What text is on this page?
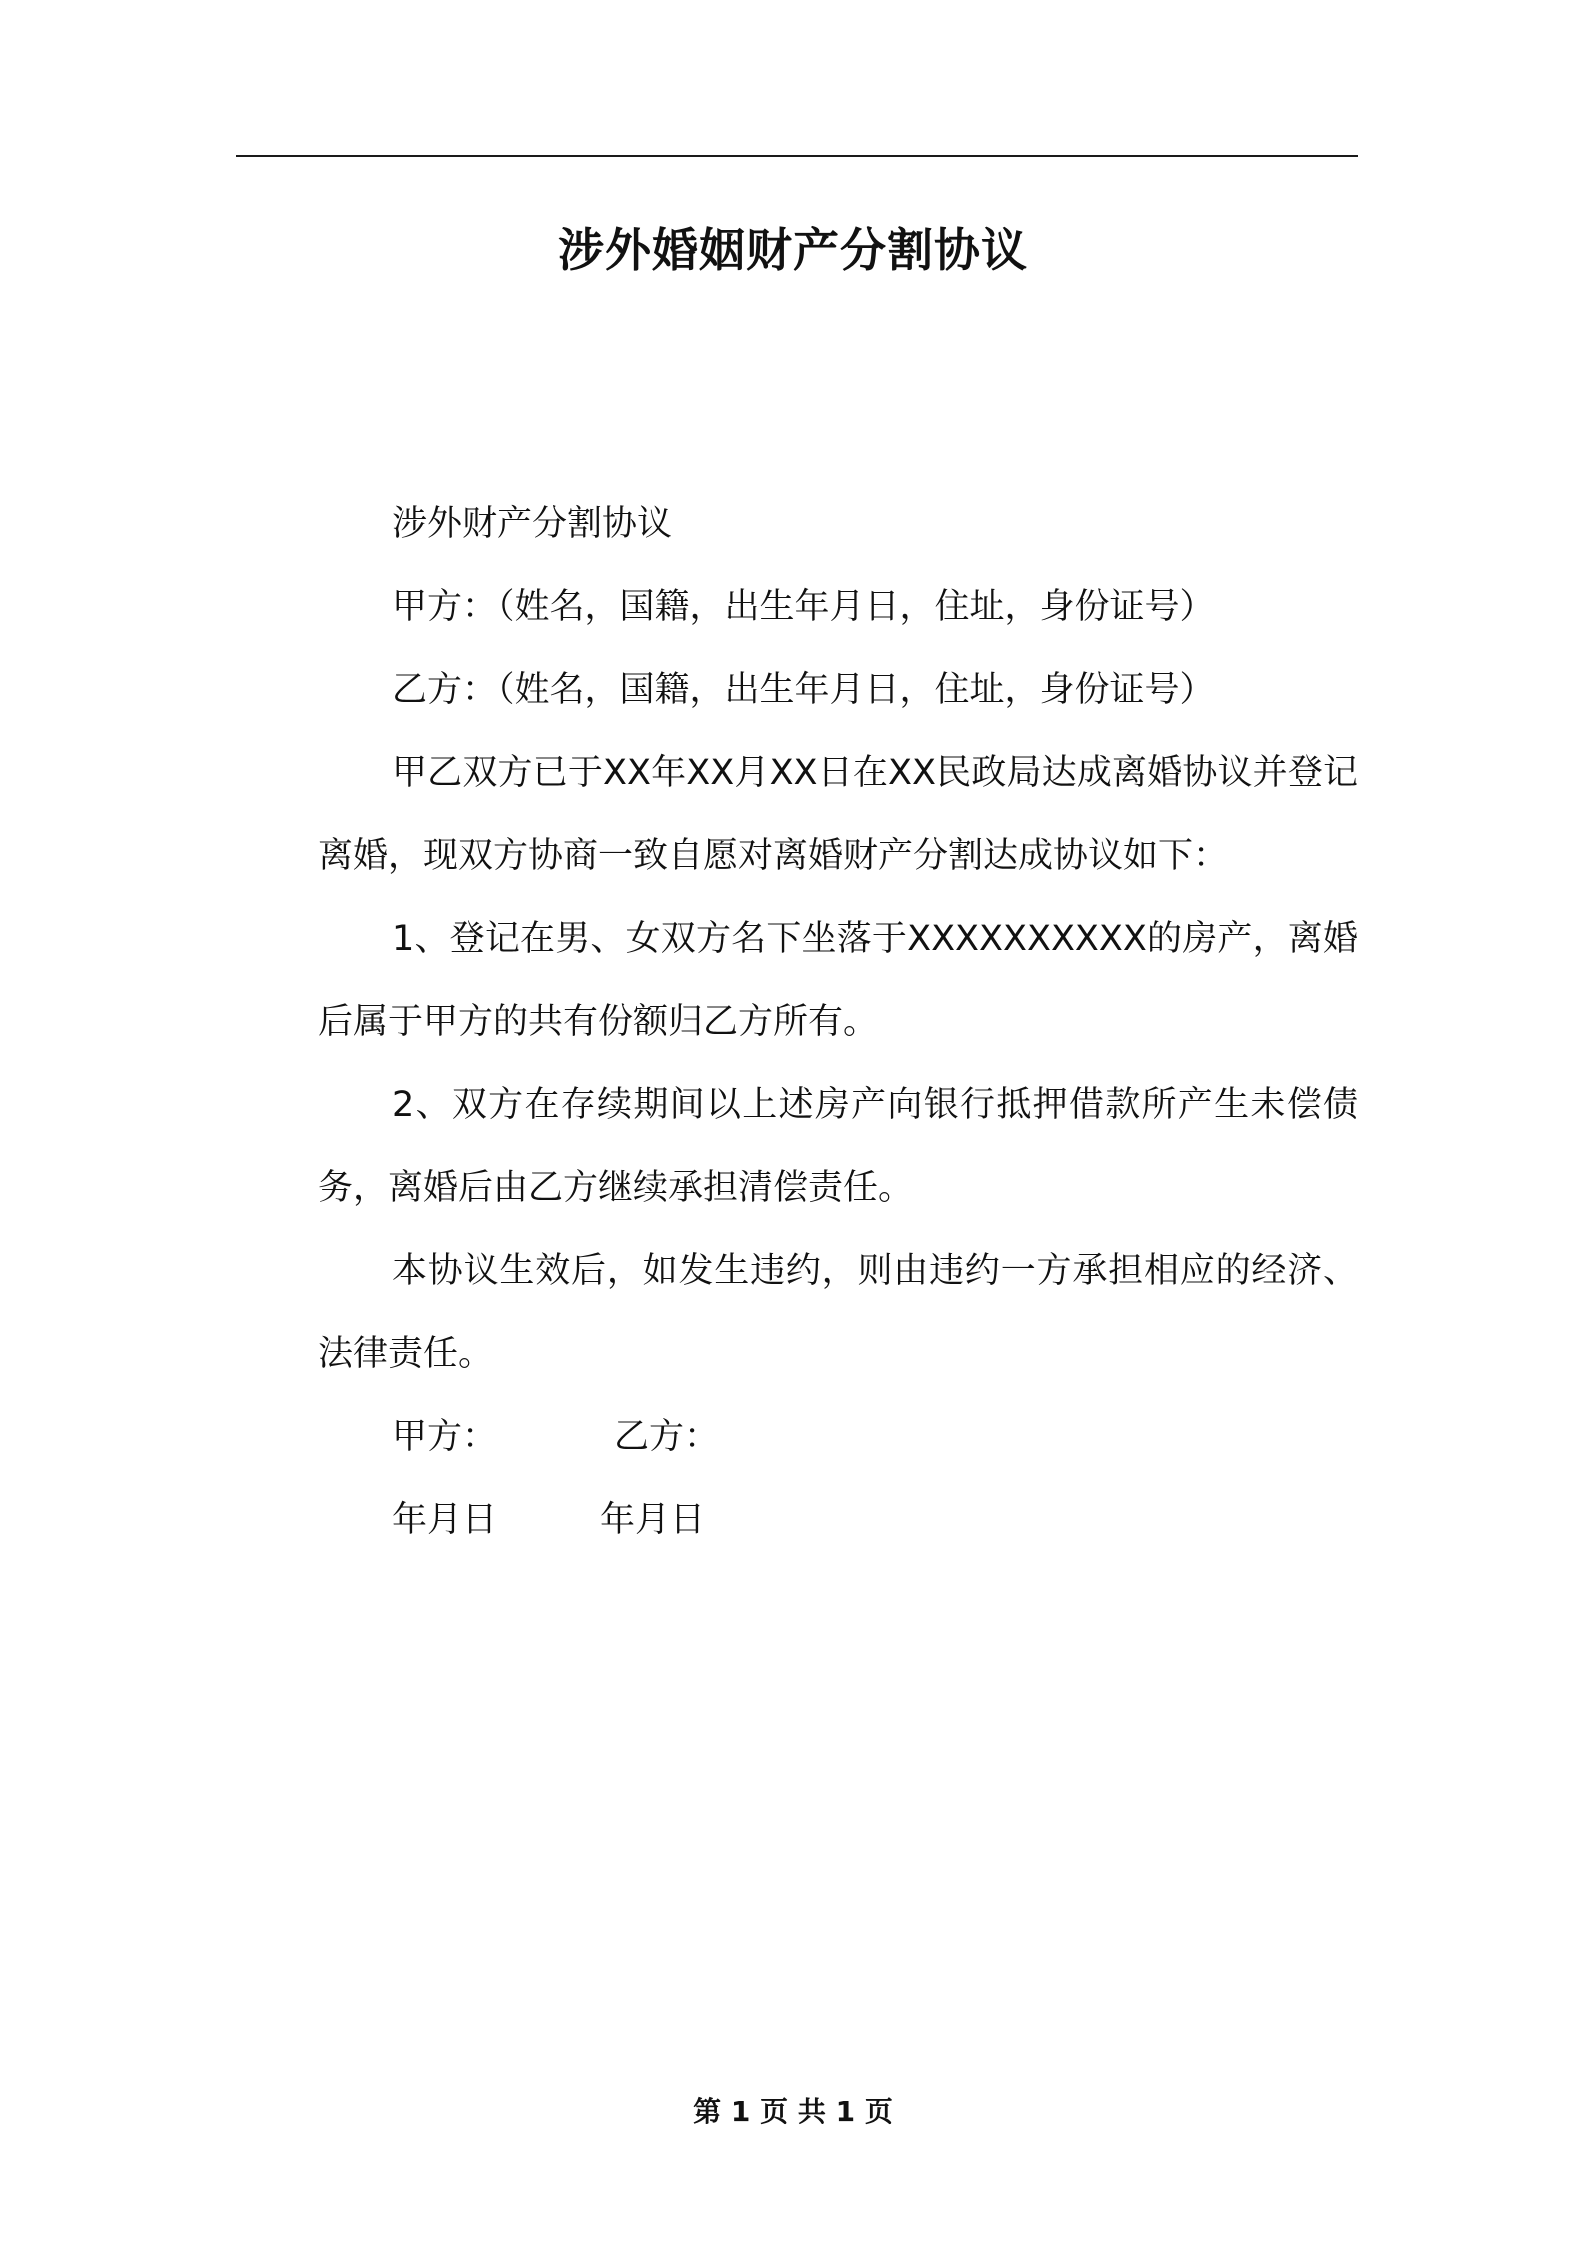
涉外婚姻财产分割协议

涉外财产分割协议

甲方：（姓名，国籍，出生年月日，住址，身份证号）

乙方：（姓名，国籍，出生年月日，住址，身份证号）

甲乙双方已于XX年XX月XX日在XX民政局达成离婚协议并登记离婚，现双方协商一致自愿对离婚财产分割达成协议如下：

1、登记在男、女双方名下坐落于XXXXXXXXXX的房产，离婚后属于甲方的共有份额归乙方所有。

2、双方在存续期间以上述房产向银行抵押借款所产生未偿债务，离婚后由乙方继续承担清偿责任。

本协议生效后，如发生违约，则由违约一方承担相应的经济、法律责任。

甲方：	乙方：

年月日	年月日

第 1 页 共 1 页
